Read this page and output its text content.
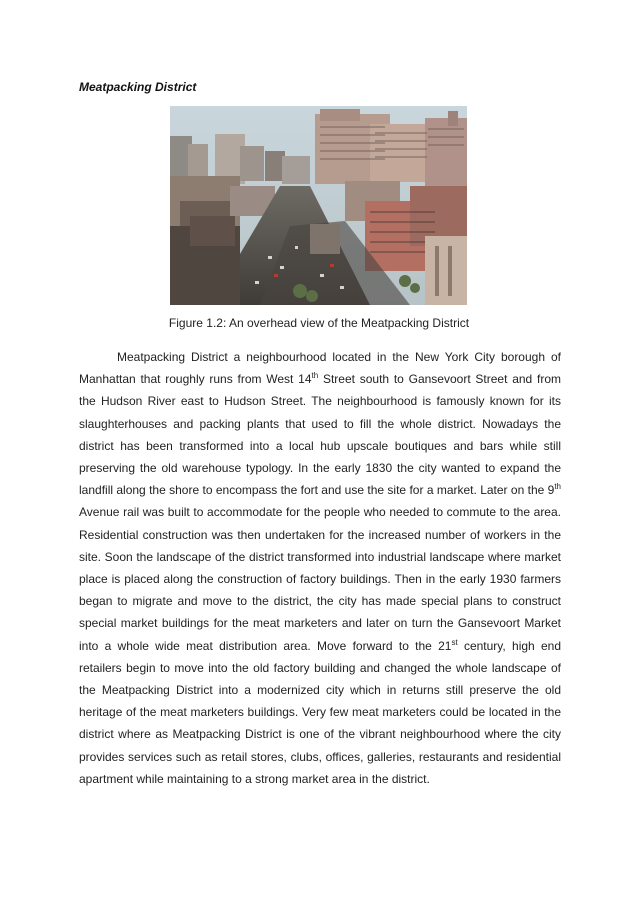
Meatpacking District
Figure 1.2: An overhead view of the Meatpacking District
Meatpacking District a neighbourhood located in the New York City borough of Manhattan that roughly runs from West 14th Street south to Gansevoort Street and from the Hudson River east to Hudson Street. The neighbourhood is famously known for its slaughterhouses and packing plants that used to fill the whole district. Nowadays the district has been transformed into a local hub upscale boutiques and bars while still preserving the old warehouse typology. In the early 1830 the city wanted to expand the landfill along the shore to encompass the fort and use the site for a market. Later on the 9th Avenue rail was built to accommodate for the people who needed to commute to the area. Residential construction was then undertaken for the increased number of workers in the site. Soon the landscape of the district transformed into industrial landscape where market place is placed along the construction of factory buildings. Then in the early 1930 farmers began to migrate and move to the district, the city has made special plans to construct special market buildings for the meat marketers and later on turn the Gansevoort Market into a whole wide meat distribution area. Move forward to the 21st century, high end retailers begin to move into the old factory building and changed the whole landscape of the Meatpacking District into a modernized city which in returns still preserve the old heritage of the meat marketers buildings. Very few meat marketers could be located in the district where as Meatpacking District is one of the vibrant neighbourhood where the city provides services such as retail stores, clubs, offices, galleries, restaurants and residential apartment while maintaining to a strong market area in the district.
